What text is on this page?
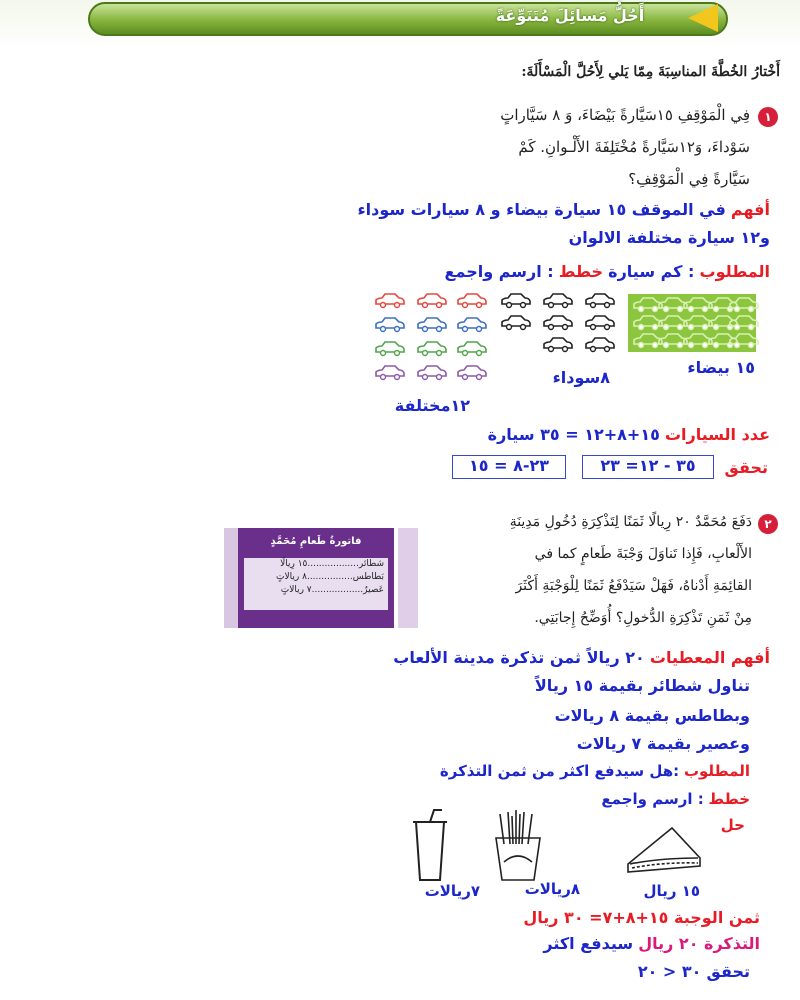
أَحُلُّ مَسائِلَ مُتَنَوِّعَةً
أَخْتارُ الخُطَّةَ المناسِبَةَ مِمّا يَلي لِأَحُلَّ الْمَسْأَلَةَ:
١
فِي الْمَوْقِفِ ١٥سَيَّارةً بَيْضَاءَ، وَ ٨ سَيَّاراتٍ
سَوْداءَ، وَ١٢سَيَّارةً مُخْتَلِفَةَ الأَلْـوانِ. كَمْ
سَيَّارةً فِي الْمَوْقِفِ؟
أفهم في الموقف ١٥ سيارة بيضاء و ٨ سيارات سوداء
و١٢ سيارة مختلفة الالوان
المطلوب : كم سيارة خطط : ارسم واجمع
١٥ بيضاء
٨سوداء
١٢مختلفة
عدد السيارات ١٥+٨+١٢ = ٣٥ سيارة
تحقق
٣٥ - ١٢= ٢٣
٢٣-٨ = ١٥
٢
دَفَعَ مُحَمَّدٌ ٢٠ رِيالًا ثَمَنًا لِتَذْكِرَةِ دُخُولِ مَدِينَةِ
الأَلْعابِ، فَإِذا تَناوَلَ وَجْبَةَ طَعامٍ كما في
القائِمَةِ أَدْناهُ، فَهَلْ سَيَدْفَعُ ثَمَنًا لِلْوَجْبَةِ أَكْثَرَ
مِنْ ثَمَنِ تَذْكِرَةِ الدُّخولِ؟ أُوَضِّحُ إِجابَتِي.
فاتورةُ طَعامِ مُحَمَّدٍ
شطائر..................١٥ رِيالًا
بَطاطس................٨ ريالاتٍ
عَصيرٌ..................٧ ريالاتٍ
أفهم المعطيات ٢٠ ريالاً ثمن تذكرة مدينة الألعاب
تناول شطائر بقيمة ١٥ ريالاً
وبطاطس بقيمة ٨ ريالات
وعصير بقيمة ٧ ريالات
المطلوب :هل سيدفع اكثر من ثمن التذكرة
خطط : ارسم واجمع
حل
٧ريالات	٨ريالات	١٥ ريال
ثمن الوجبة ١٥+٨+٧= ٣٠ ريال
التذكرة ٢٠ ريال سيدفع اكثر
تحقق ٣٠ < ٢٠
